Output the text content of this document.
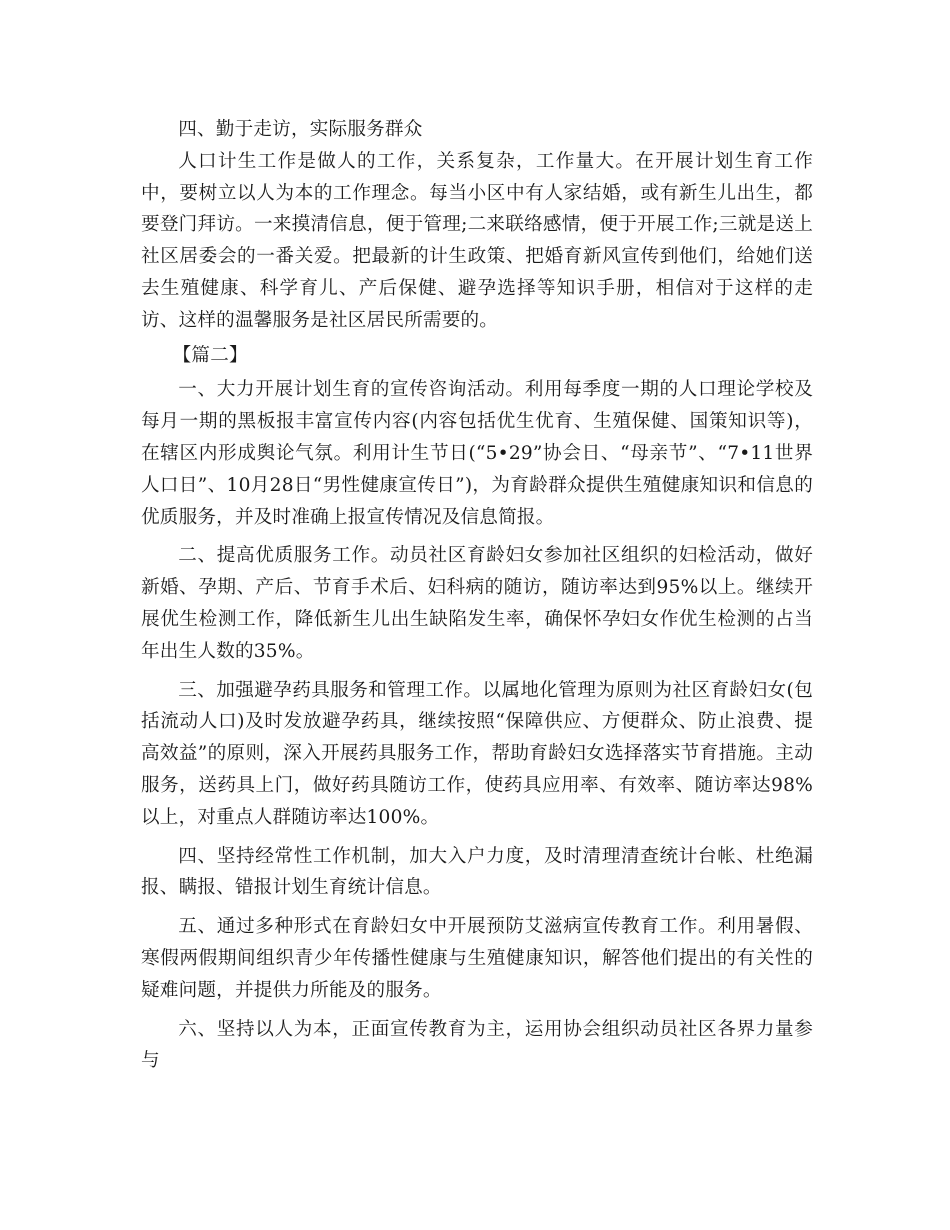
四、勤于走访，实际服务群众

人口计生工作是做人的工作，关系复杂，工作量大。在开展计划生育工作中，要树立以人为本的工作理念。每当小区中有人家结婚，或有新生儿出生，都要登门拜访。一来摸清信息，便于管理;二来联络感情，便于开展工作;三就是送上社区居委会的一番关爱。把最新的计生政策、把婚育新风宣传到他们，给她们送去生殖健康、科学育儿、产后保健、避孕选择等知识手册，相信对于这样的走访、这样的温馨服务是社区居民所需要的。

【篇二】

一、大力开展计划生育的宣传咨询活动。利用每季度一期的人口理论学校及每月一期的黑板报丰富宣传内容(内容包括优生优育、生殖保健、国策知识等)，在辖区内形成舆论气氛。利用计生节日(“5•29”协会日、“母亲节”、“7•11世界人口日”、10月28日“男性健康宣传日”)，为育龄群众提供生殖健康知识和信息的优质服务，并及时准确上报宣传情况及信息简报。

二、提高优质服务工作。动员社区育龄妇女参加社区组织的妇检活动，做好新婚、孕期、产后、节育手术后、妇科病的随访，随访率达到95%以上。继续开展优生检测工作，降低新生儿出生缺陷发生率，确保怀孕妇女作优生检测的占当年出生人数的35%。

三、加强避孕药具服务和管理工作。以属地化管理为原则为社区育龄妇女(包括流动人口)及时发放避孕药具，继续按照“保障供应、方便群众、防止浪费、提高效益”的原则，深入开展药具服务工作，帮助育龄妇女选择落实节育措施。主动服务，送药具上门，做好药具随访工作，使药具应用率、有效率、随访率达98%以上，对重点人群随访率达100%。

四、坚持经常性工作机制，加大入户力度，及时清理清查统计台帐、杜绝漏报、瞒报、错报计划生育统计信息。

五、通过多种形式在育龄妇女中开展预防艾滋病宣传教育工作。利用暑假、寒假两假期间组织青少年传播性健康与生殖健康知识，解答他们提出的有关性的疑难问题，并提供力所能及的服务。

六、坚持以人为本，正面宣传教育为主，运用协会组织动员社区各界力量参与
